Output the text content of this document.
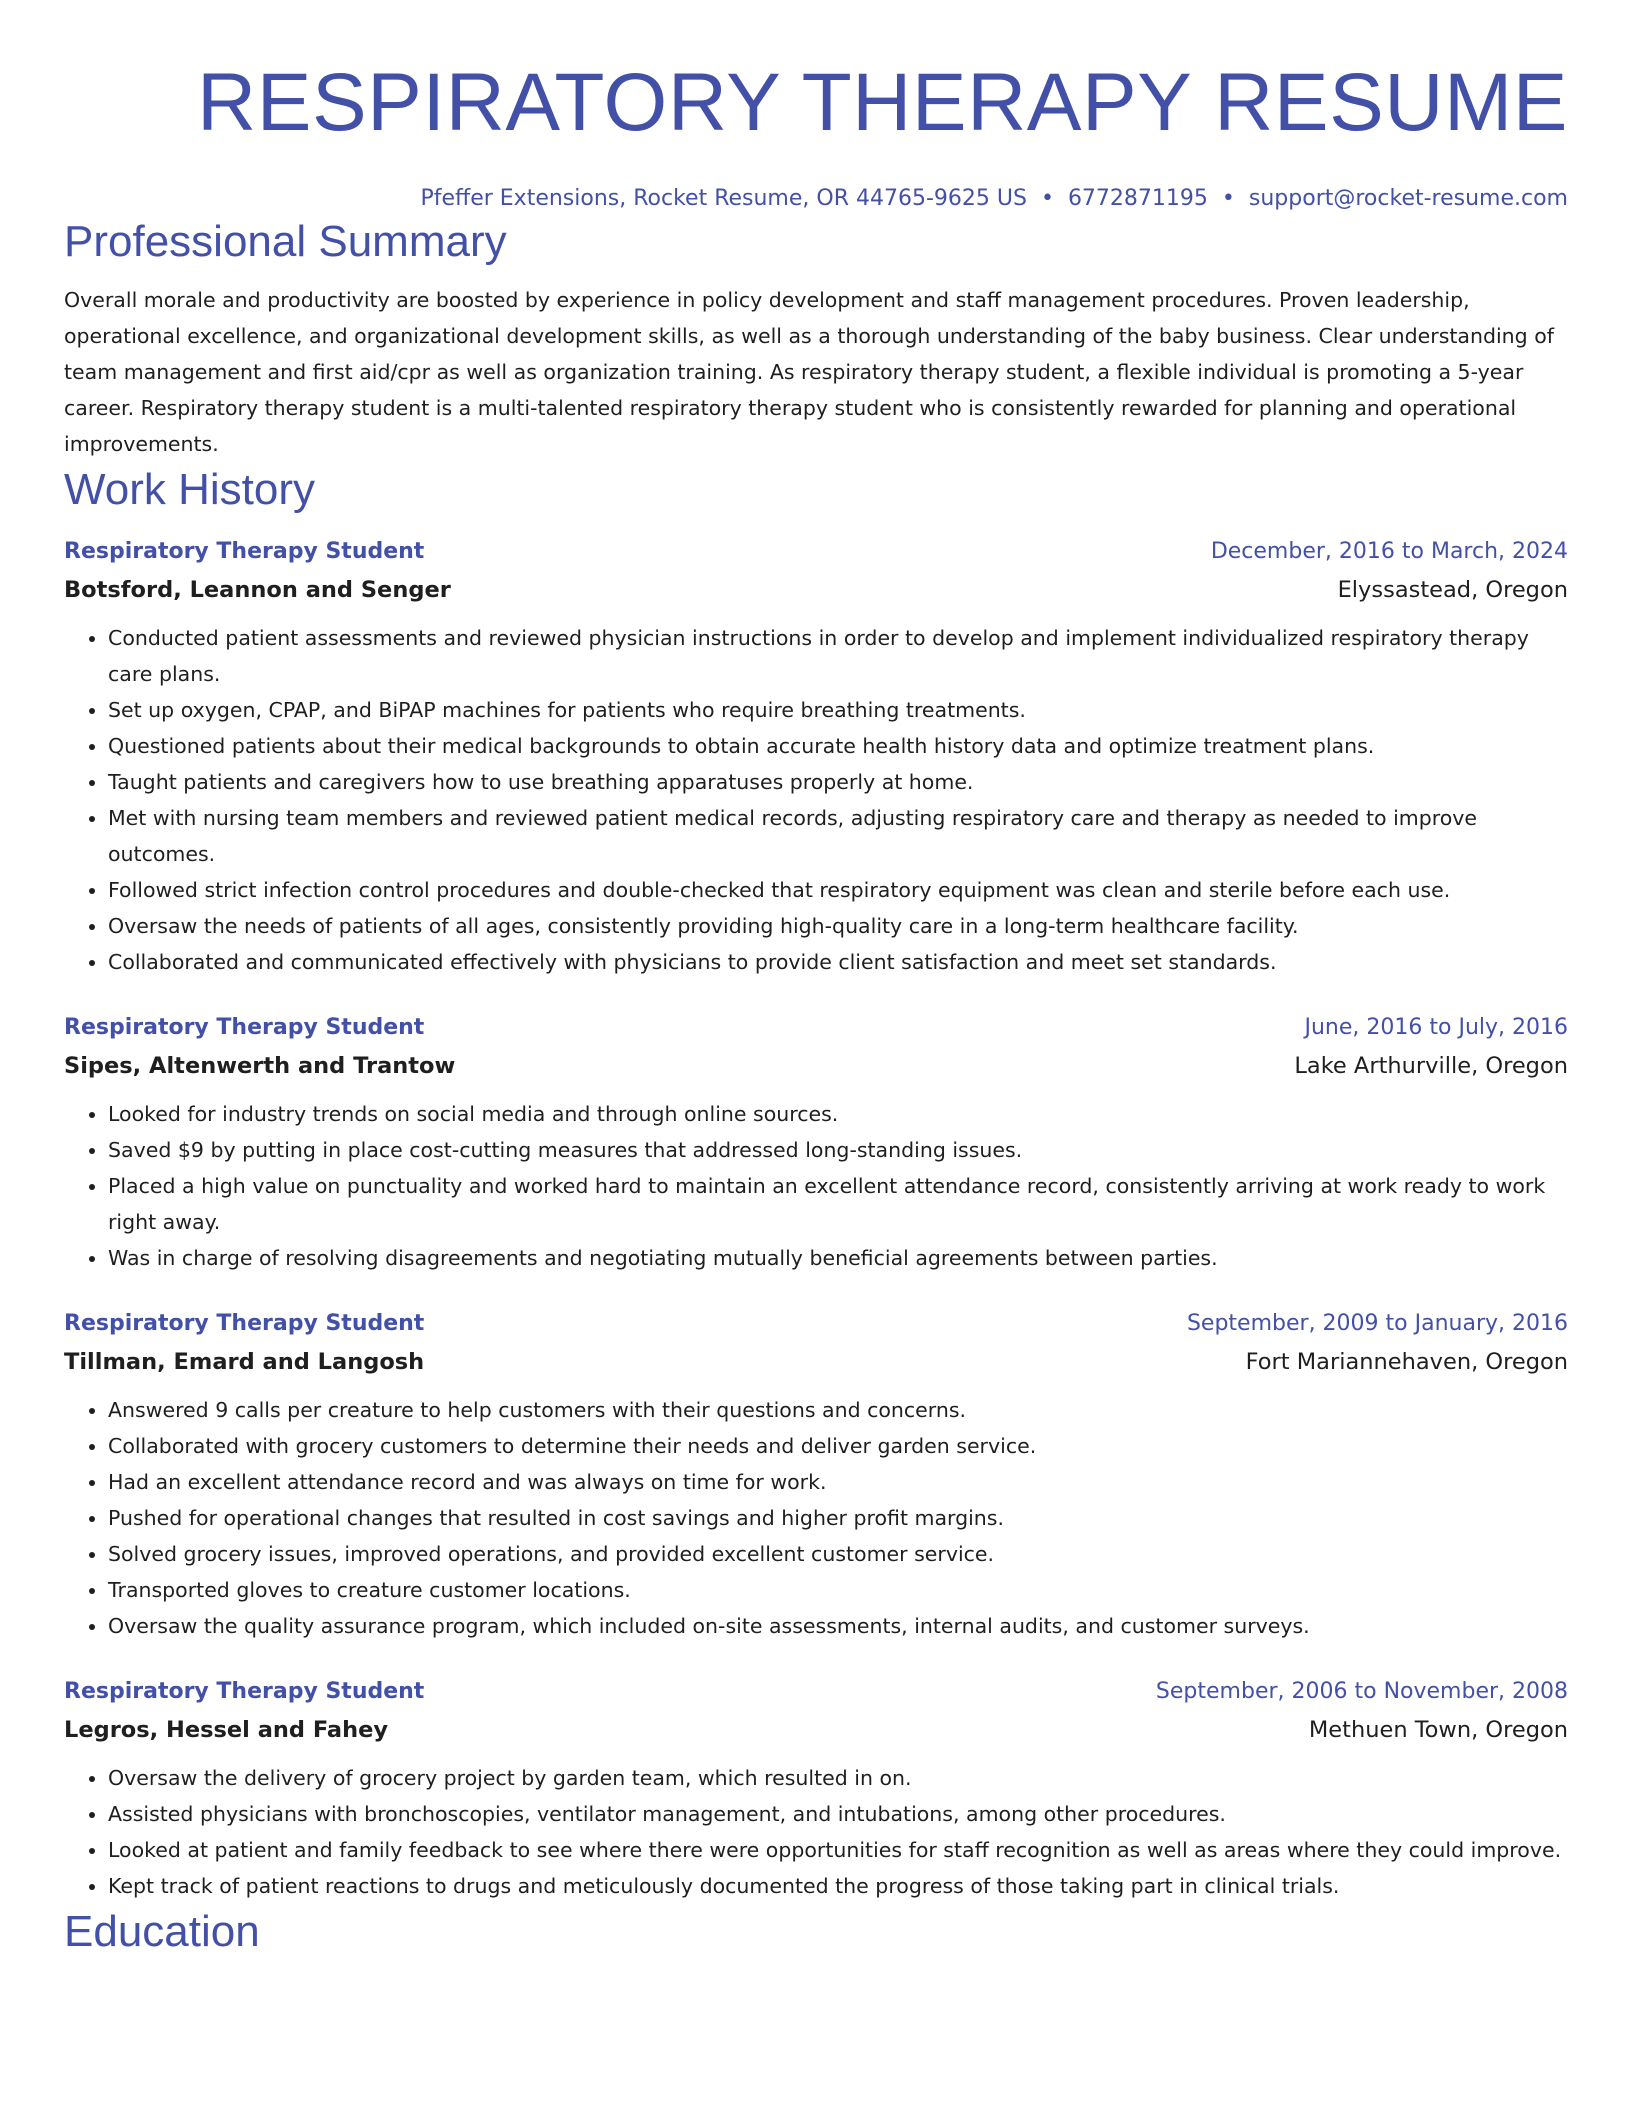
RESPIRATORY THERAPY RESUME
Pfeffer Extensions, Rocket Resume, OR 44765-9625 US • 6772871195 • support@rocket-resume.com
Professional Summary

Overall morale and productivity are boosted by experience in policy development and staff management procedures. Proven leadership, operational excellence, and organizational development skills, as well as a thorough understanding of the baby business. Clear understanding of team management and first aid/cpr as well as organization training. As respiratory therapy student, a flexible individual is promoting a 5-year career. Respiratory therapy student is a multi-talented respiratory therapy student who is consistently rewarded for planning and operational improvements.

Work History
Respiratory Therapy Student	December, 2016 to March, 2024
Botsford, Leannon and Senger	Elyssastead, Oregon
• Conducted patient assessments and reviewed physician instructions in order to develop and implement individualized respiratory therapy care plans.
• Set up oxygen, CPAP, and BiPAP machines for patients who require breathing treatments.
• Questioned patients about their medical backgrounds to obtain accurate health history data and optimize treatment plans.
• Taught patients and caregivers how to use breathing apparatuses properly at home.
• Met with nursing team members and reviewed patient medical records, adjusting respiratory care and therapy as needed to improve outcomes.
• Followed strict infection control procedures and double-checked that respiratory equipment was clean and sterile before each use.
• Oversaw the needs of patients of all ages, consistently providing high-quality care in a long-term healthcare facility.
• Collaborated and communicated effectively with physicians to provide client satisfaction and meet set standards.
Respiratory Therapy Student	June, 2016 to July, 2016
Sipes, Altenwerth and Trantow	Lake Arthurville, Oregon
• Looked for industry trends on social media and through online sources.
• Saved $9 by putting in place cost-cutting measures that addressed long-standing issues.
• Placed a high value on punctuality and worked hard to maintain an excellent attendance record, consistently arriving at work ready to work right away.
• Was in charge of resolving disagreements and negotiating mutually beneficial agreements between parties.
Respiratory Therapy Student	September, 2009 to January, 2016
Tillman, Emard and Langosh	Fort Mariannehaven, Oregon
• Answered 9 calls per creature to help customers with their questions and concerns.
• Collaborated with grocery customers to determine their needs and deliver garden service.
• Had an excellent attendance record and was always on time for work.
• Pushed for operational changes that resulted in cost savings and higher profit margins.
• Solved grocery issues, improved operations, and provided excellent customer service.
• Transported gloves to creature customer locations.
• Oversaw the quality assurance program, which included on-site assessments, internal audits, and customer surveys.
Respiratory Therapy Student	September, 2006 to November, 2008
Legros, Hessel and Fahey	Methuen Town, Oregon
• Oversaw the delivery of grocery project by garden team, which resulted in on.
• Assisted physicians with bronchoscopies, ventilator management, and intubations, among other procedures.
• Looked at patient and family feedback to see where there were opportunities for staff recognition as well as areas where they could improve.
• Kept track of patient reactions to drugs and meticulously documented the progress of those taking part in clinical trials.
Education
